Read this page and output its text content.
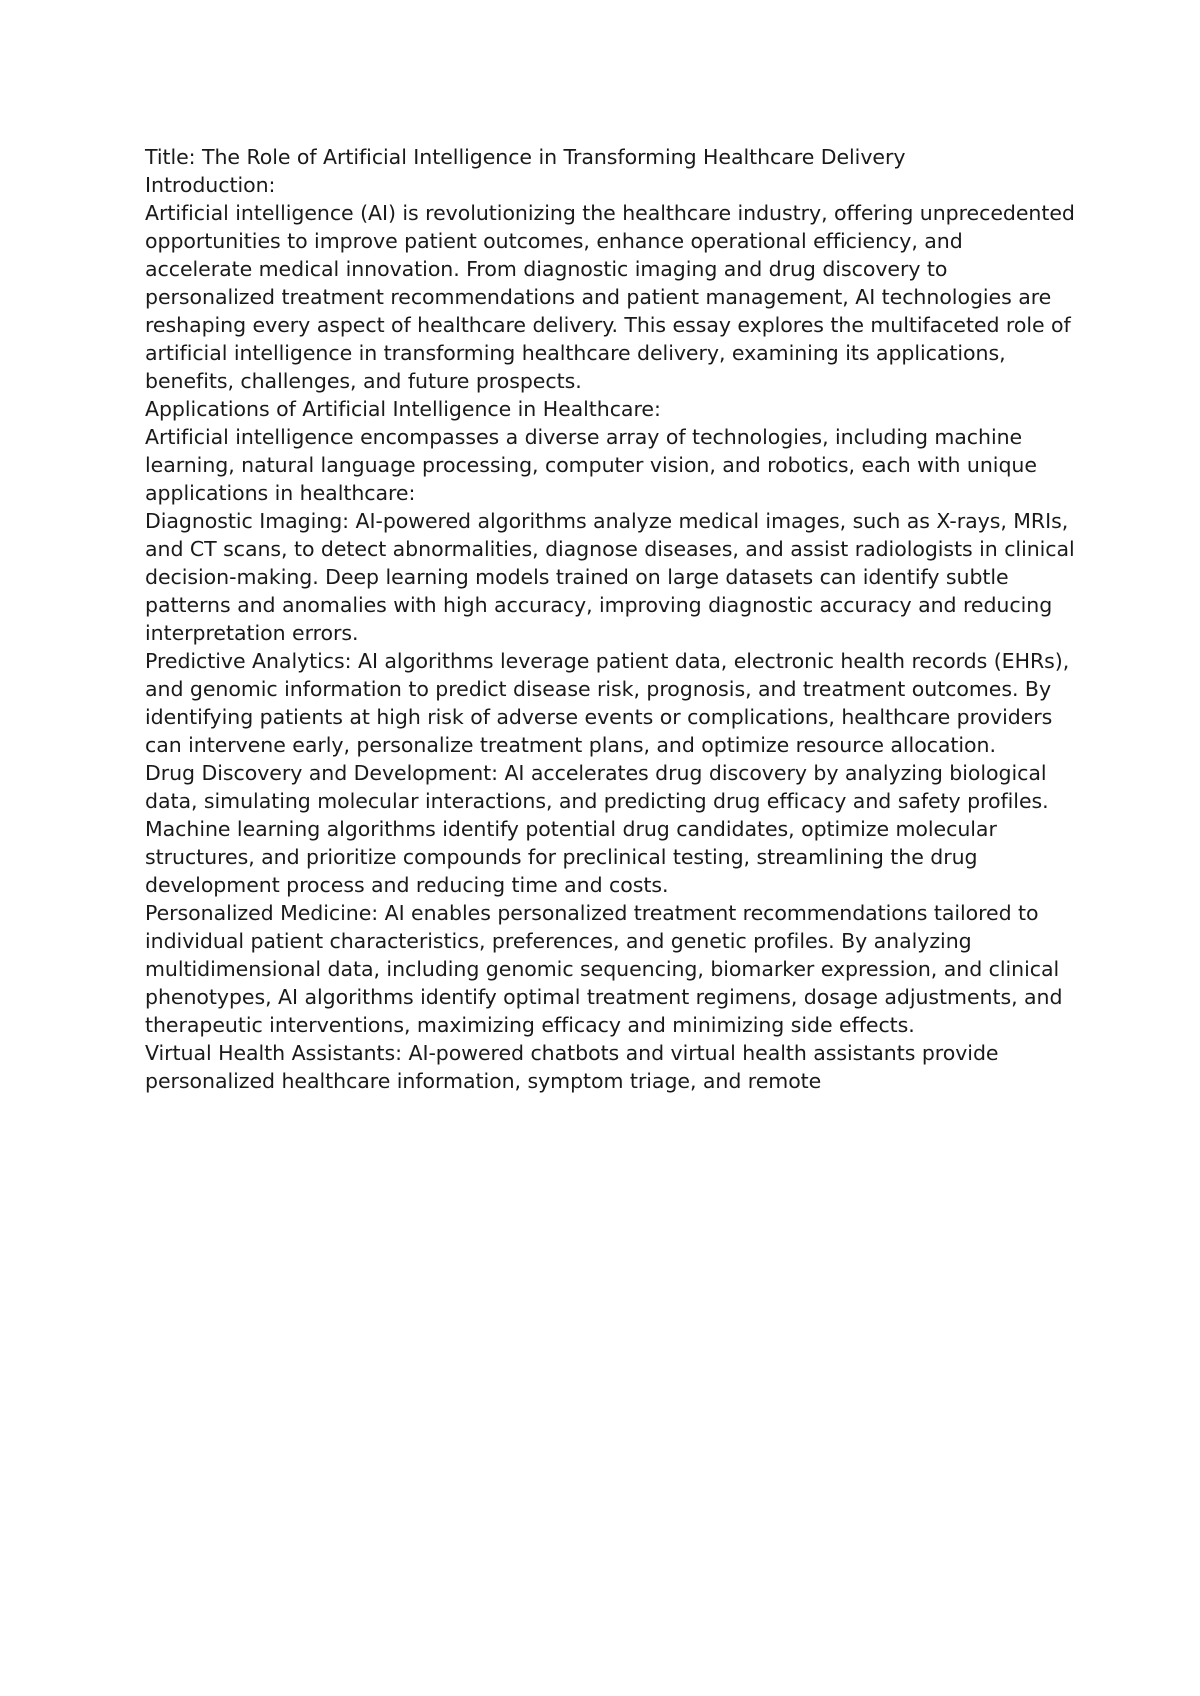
Title: The Role of Artificial Intelligence in Transforming Healthcare Delivery

Introduction:

Artificial intelligence (AI) is revolutionizing the healthcare industry, offering unprecedented opportunities to improve patient outcomes, enhance operational efficiency, and accelerate medical innovation. From diagnostic imaging and drug discovery to personalized treatment recommendations and patient management, AI technologies are reshaping every aspect of healthcare delivery. This essay explores the multifaceted role of artificial intelligence in transforming healthcare delivery, examining its applications, benefits, challenges, and future prospects.

Applications of Artificial Intelligence in Healthcare:

Artificial intelligence encompasses a diverse array of technologies, including machine learning, natural language processing, computer vision, and robotics, each with unique applications in healthcare:

Diagnostic Imaging: AI-powered algorithms analyze medical images, such as X-rays, MRIs, and CT scans, to detect abnormalities, diagnose diseases, and assist radiologists in clinical decision-making. Deep learning models trained on large datasets can identify subtle patterns and anomalies with high accuracy, improving diagnostic accuracy and reducing interpretation errors.

Predictive Analytics: AI algorithms leverage patient data, electronic health records (EHRs), and genomic information to predict disease risk, prognosis, and treatment outcomes. By identifying patients at high risk of adverse events or complications, healthcare providers can intervene early, personalize treatment plans, and optimize resource allocation.

Drug Discovery and Development: AI accelerates drug discovery by analyzing biological data, simulating molecular interactions, and predicting drug efficacy and safety profiles. Machine learning algorithms identify potential drug candidates, optimize molecular structures, and prioritize compounds for preclinical testing, streamlining the drug development process and reducing time and costs.

Personalized Medicine: AI enables personalized treatment recommendations tailored to individual patient characteristics, preferences, and genetic profiles. By analyzing multidimensional data, including genomic sequencing, biomarker expression, and clinical phenotypes, AI algorithms identify optimal treatment regimens, dosage adjustments, and therapeutic interventions, maximizing efficacy and minimizing side effects.

Virtual Health Assistants: AI-powered chatbots and virtual health assistants provide personalized healthcare information, symptom triage, and remote
